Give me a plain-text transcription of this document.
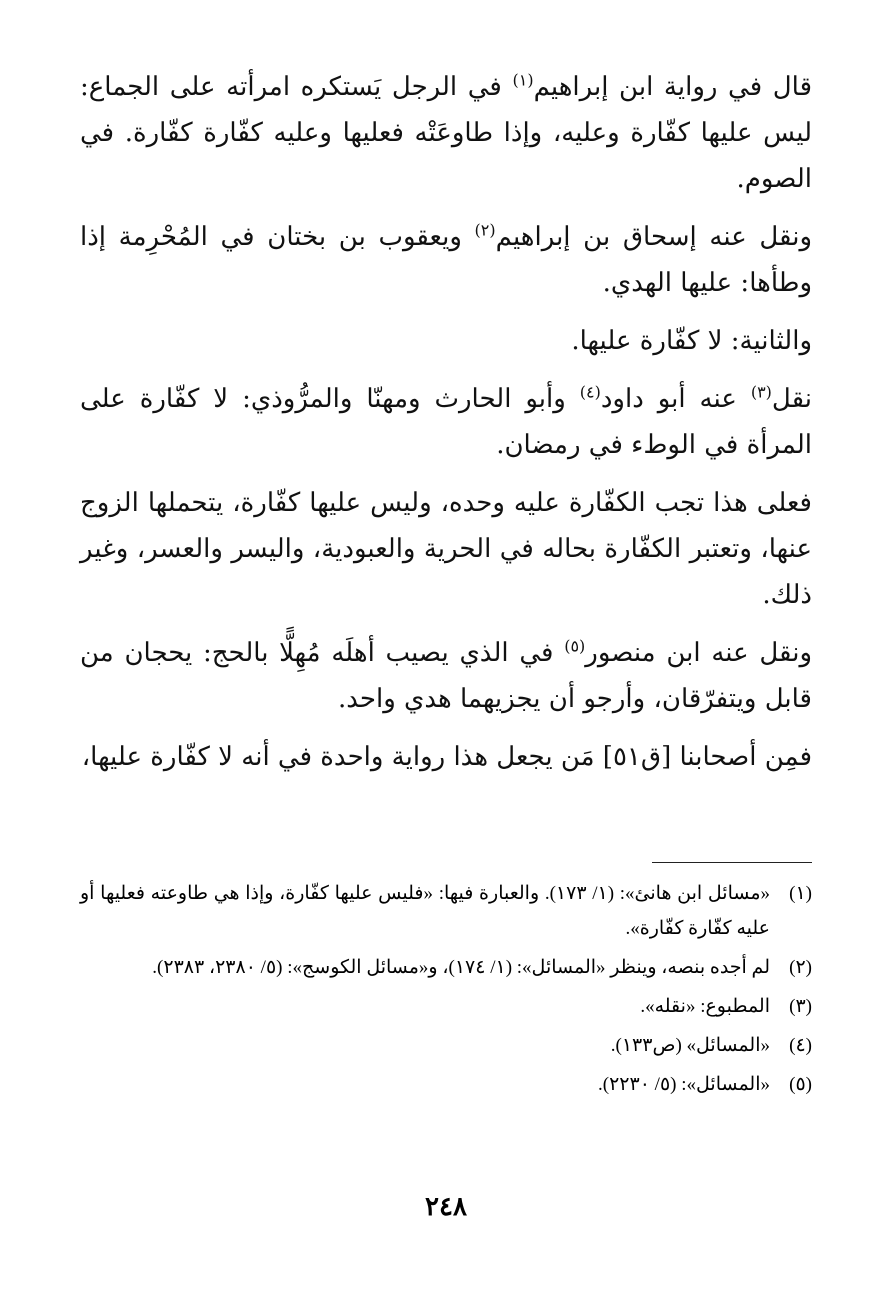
قال في رواية ابن إبراهيم$^{(١)}$ في الرجل يَستكره امرأته على الجماع: ليس عليها كفّارة وعليه، وإذا طاوعَتْه فعليها وعليه كفّارة كفّارة. في الصوم.

ونقل عنه إسحاق بن إبراهيم$^{(٢)}$ ويعقوب بن بختان في المُحْرِمة إذا وطأها: عليها الهدي.

والثانية: لا كفّارة عليها.

نقل$^{(٣)}$ عنه أبو داود$^{(٤)}$ وأبو الحارث ومهنّا والمرُّوذي: لا كفّارة على المرأة في الوطء في رمضان.

فعلى هذا تجب الكفّارة عليه وحده، وليس عليها كفّارة، يتحملها الزوج عنها، وتعتبر الكفّارة بحاله في الحرية والعبودية، واليسر والعسر، وغير ذلك.

ونقل عنه ابن منصور$^{(٥)}$ في الذي يصيب أهلَه مُهِلًّا بالحج: يحجان من قابل ويتفرّقان، وأرجو أن يجزيهما هدي واحد.

فمِن أصحابنا [ق٥١] مَن يجعل هذا رواية واحدة في أنه لا كفّارة عليها،

(١)
«مسائل ابن هانئ»: (١/ ١٧٣). والعبارة فيها: «فليس عليها كفّارة، وإذا هي طاوعته فعليها أو عليه كفّارة كفّارة».
(٢)
لم أجده بنصه، وينظر «المسائل»: (١/ ١٧٤)، و«مسائل الكوسج»: (٥/ ٢٣٨٠، ٢٣٨٣).
(٣)
المطبوع: «نقله».
(٤)
«المسائل» (ص١٣٣).
(٥)
«المسائل»: (٥/ ٢٢٣٠).
٢٤٨
